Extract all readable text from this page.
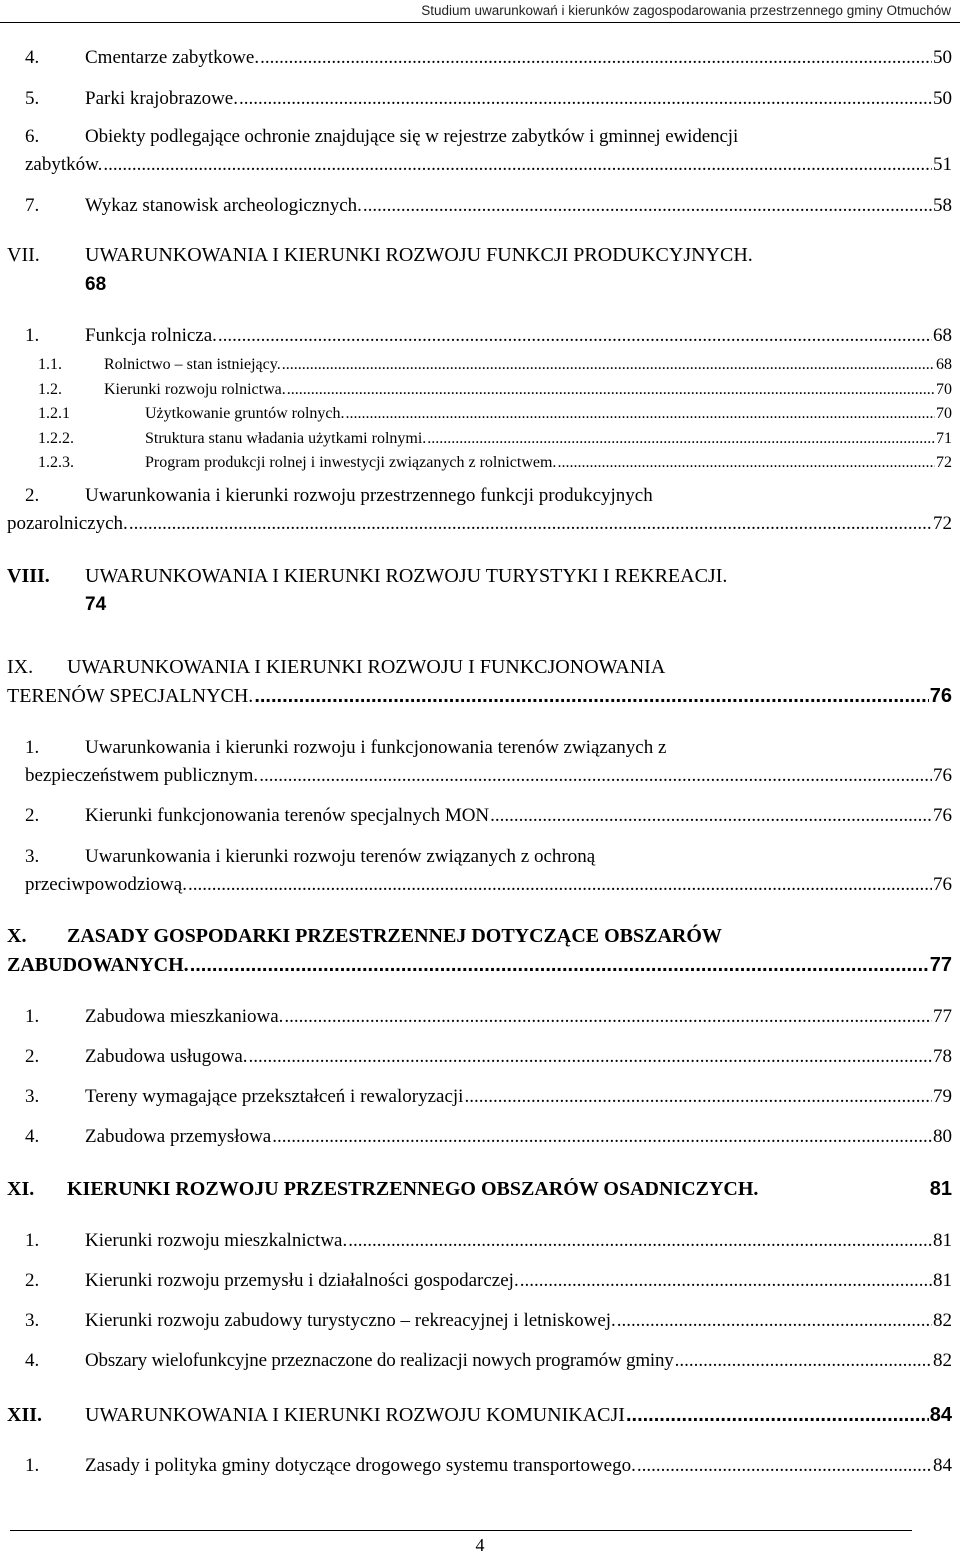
Studium uwarunkowań i kierunków zagospodarowania przestrzennego gminy Otmuchów
4. Cmentarze zabytkowe. .....	50
5. Parki krajobrazowe. .....	50
6. Obiekty podlegające ochronie znajdujące się w rejestrze zabytków i gminnej ewidencji
zabytków. .....	51
7. Wykaz stanowisk archeologicznych. .....	58
VII. UWARUNKOWANIA I KIERUNKI ROZWOJU FUNKCJI PRODUKCYJNYCH.
68
1. Funkcja rolnicza. .....	68
1.1.	Rolnictwo – stan istniejący. .....	68
1.2.	Kierunki rozwoju rolnictwa. .....	70
1.2.1	Użytkowanie gruntów rolnych. .....	70
1.2.2.	Struktura stanu władania użytkami rolnymi. .....	71
1.2.3.	Program produkcji rolnej i inwestycji związanych z rolnictwem. .....	72
2. Uwarunkowania i kierunki rozwoju przestrzennego funkcji produkcyjnych
pozarolniczych. .....	72
VIII. UWARUNKOWANIA I KIERUNKI ROZWOJU TURYSTYKI I REKREACJI.
74
IX. UWARUNKOWANIA I KIERUNKI ROZWOJU I FUNKCJONOWANIA
TERENÓW SPECJALNYCH. .....	76
1. Uwarunkowania i kierunki rozwoju i funkcjonowania terenów związanych z
bezpieczeństwem publicznym. .....	76
2. Kierunki funkcjonowania terenów specjalnych MON .....	76
3. Uwarunkowania i kierunki rozwoju terenów związanych z ochroną
przeciwpowodziową. .....	76
X. ZASADY GOSPODARKI PRZESTRZENNEJ DOTYCZĄCE OBSZARÓW
ZABUDOWANYCH. .....	77
1. Zabudowa mieszkaniowa. .....	77
2. Zabudowa usługowa. .....	78
3. Tereny wymagające przekształceń i rewaloryzacji .....	79
4. Zabudowa przemysłowa .....	80
XI. KIERUNKI ROZWOJU PRZESTRZENNEGO OBSZARÓW OSADNICZYCH.	81
1. Kierunki rozwoju mieszkalnictwa. .....	81
2. Kierunki rozwoju przemysłu i działalności gospodarczej. .....	81
3. Kierunki rozwoju zabudowy turystyczno – rekreacyjnej i letniskowej. .....	82
4. Obszary wielofunkcyjne przeznaczone do realizacji nowych programów gminy .....	82
XII. UWARUNKOWANIA I KIERUNKI ROZWOJU KOMUNIKACJI .....	84
1. Zasady i polityka gminy dotyczące drogowego systemu transportowego. .....	84
4
